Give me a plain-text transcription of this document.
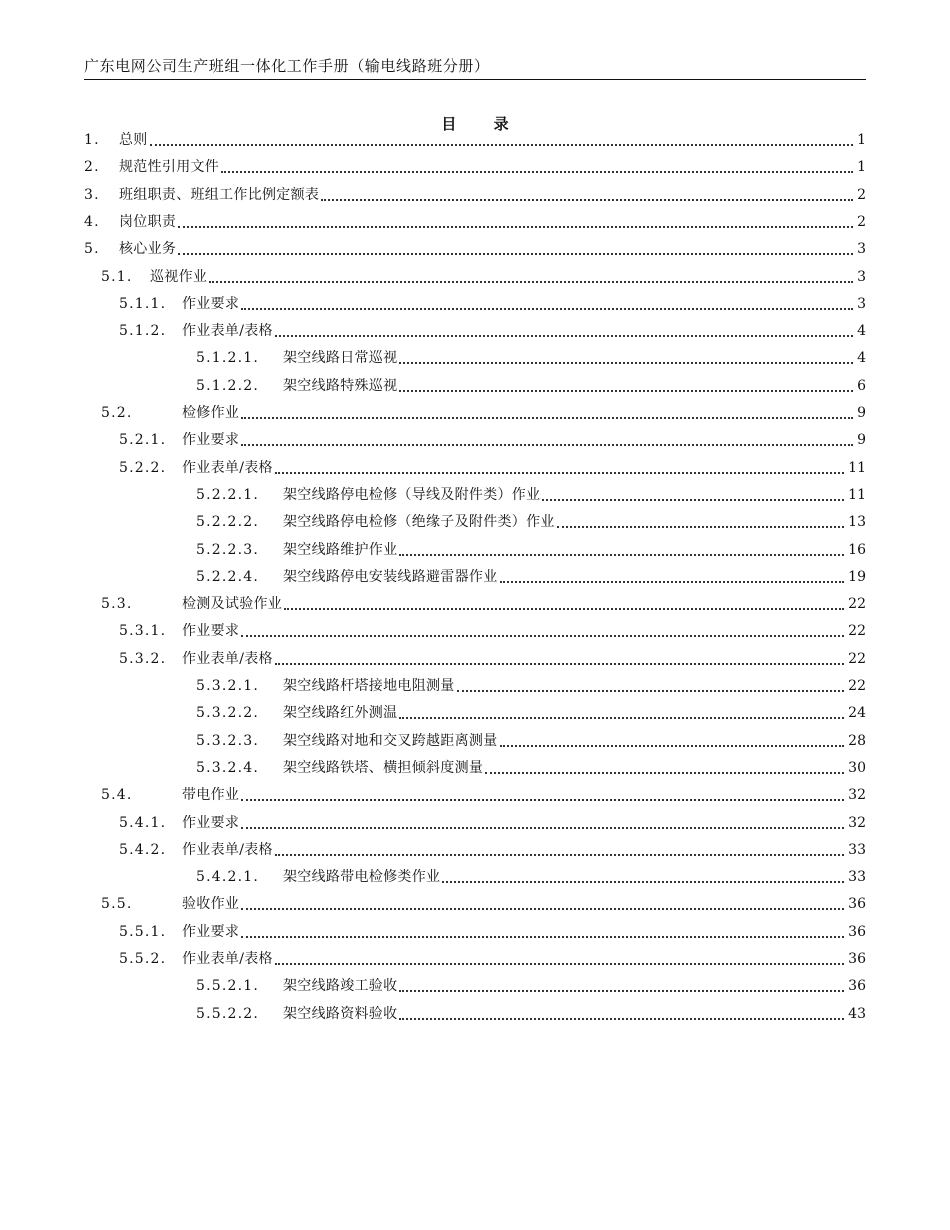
广东电网公司生产班组一体化工作手册（输电线路班分册）
目 录
1. 总则	1
2. 规范性引用文件	1
3. 班组职责、班组工作比例定额表	2
4. 岗位职责	2
5. 核心业务	3
5.1. 巡视作业	3
5.1.1. 作业要求	3
5.1.2. 作业表单/表格	4
5.1.2.1. 架空线路日常巡视	4
5.1.2.2. 架空线路特殊巡视	6
5.2.	检修作业	9
5.2.1. 作业要求	9
5.2.2. 作业表单/表格	11
5.2.2.1. 架空线路停电检修（导线及附件类）作业	11
5.2.2.2. 架空线路停电检修（绝缘子及附件类）作业	13
5.2.2.3. 架空线路维护作业	16
5.2.2.4. 架空线路停电安装线路避雷器作业	19
5.3.	检测及试验作业	22
5.3.1. 作业要求	22
5.3.2. 作业表单/表格	22
5.3.2.1. 架空线路杆塔接地电阻测量	22
5.3.2.2. 架空线路红外测温	24
5.3.2.3. 架空线路对地和交叉跨越距离测量	28
5.3.2.4. 架空线路铁塔、横担倾斜度测量	30
5.4.	带电作业	32
5.4.1. 作业要求	32
5.4.2. 作业表单/表格	33
5.4.2.1. 架空线路带电检修类作业	33
5.5.	验收作业	36
5.5.1. 作业要求	36
5.5.2. 作业表单/表格	36
5.5.2.1. 架空线路竣工验收	36
5.5.2.2. 架空线路资料验收	43
